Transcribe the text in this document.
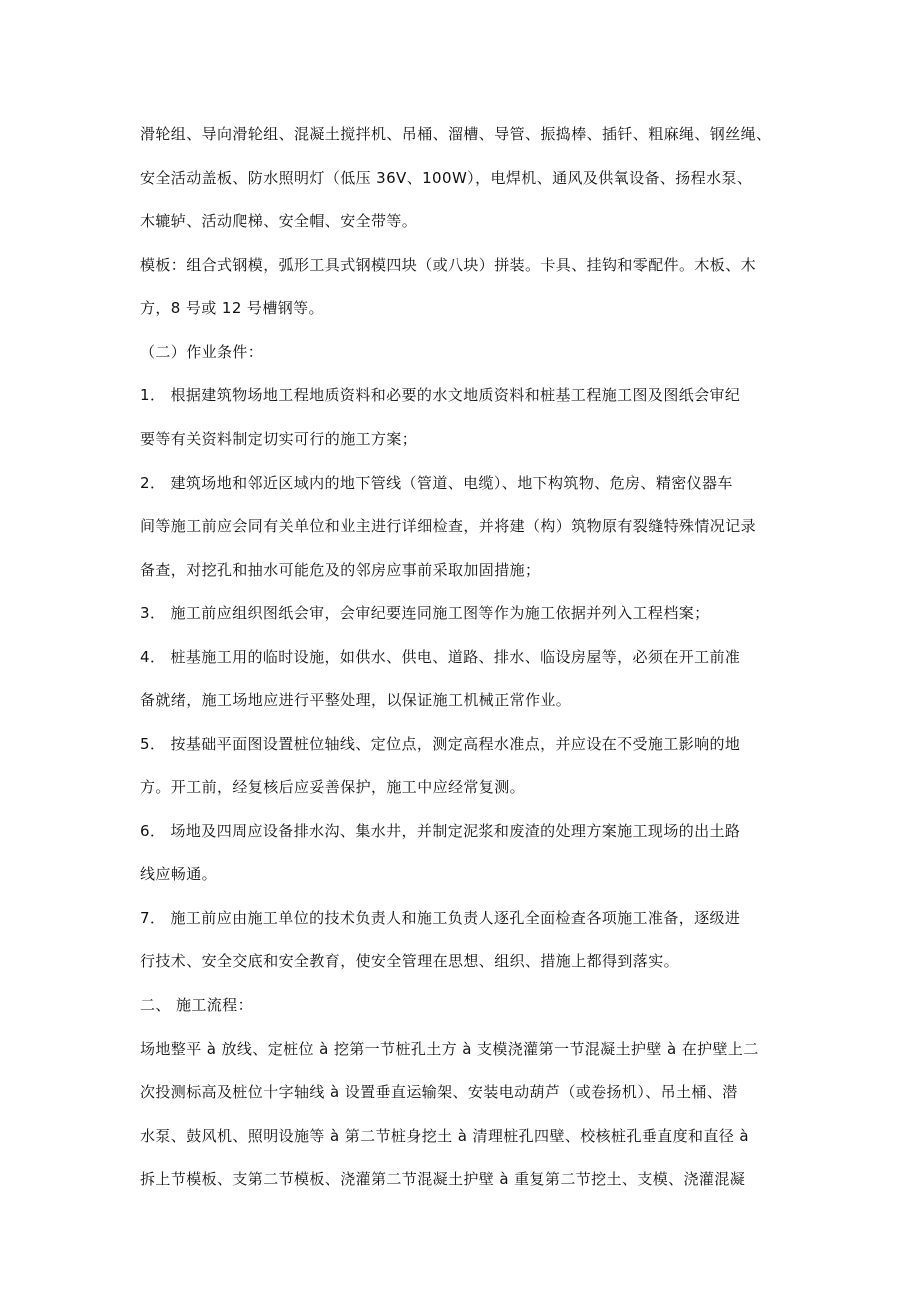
滑轮组、导向滑轮组、混凝土搅拌机、吊桶、溜槽、导管、振捣棒、插钎、粗麻绳、钢丝绳、
安全活动盖板、防水照明灯（低压 36V、100W），电焊机、通风及供氧设备、扬程水泵、
木辘轳、活动爬梯、安全帽、安全带等。
模板：组合式钢模，弧形工具式钢模四块（或八块）拼装。卡具、挂钩和零配件。木板、木
方，8 号或 12 号槽钢等。
（二）作业条件：
1． 根据建筑物场地工程地质资料和必要的水文地质资料和桩基工程施工图及图纸会审纪
要等有关资料制定切实可行的施工方案；
2． 建筑场地和邻近区域内的地下管线（管道、电缆）、地下构筑物、危房、精密仪器车
间等施工前应会同有关单位和业主进行详细检查，并将建（构）筑物原有裂缝特殊情况记录
备查，对挖孔和抽水可能危及的邻房应事前采取加固措施；
3． 施工前应组织图纸会审，会审纪要连同施工图等作为施工依据并列入工程档案；
4． 桩基施工用的临时设施，如供水、供电、道路、排水、临设房屋等，必须在开工前准
备就绪，施工场地应进行平整处理，以保证施工机械正常作业。
5． 按基础平面图设置桩位轴线、定位点，测定高程水准点，并应设在不受施工影响的地
方。开工前，经复核后应妥善保护，施工中应经常复测。
6． 场地及四周应设备排水沟、集水井，并制定泥浆和废渣的处理方案施工现场的出土路
线应畅通。
7． 施工前应由施工单位的技术负责人和施工负责人逐孔全面检查各项施工准备，逐级进
行技术、安全交底和安全教育，使安全管理在思想、组织、措施上都得到落实。
二、 施工流程：
场地整平 à 放线、定桩位 à 挖第一节桩孔土方 à 支模浇灌第一节混凝土护壁 à 在护壁上二
次投测标高及桩位十字轴线 à 设置垂直运输架、安装电动葫芦（或卷扬机）、吊土桶、潜
水泵、鼓风机、照明设施等 à 第二节桩身挖土 à 清理桩孔四壁、校核桩孔垂直度和直径 à
拆上节模板、支第二节模板、浇灌第二节混凝土护壁 à 重复第二节挖土、支模、浇灌混凝
